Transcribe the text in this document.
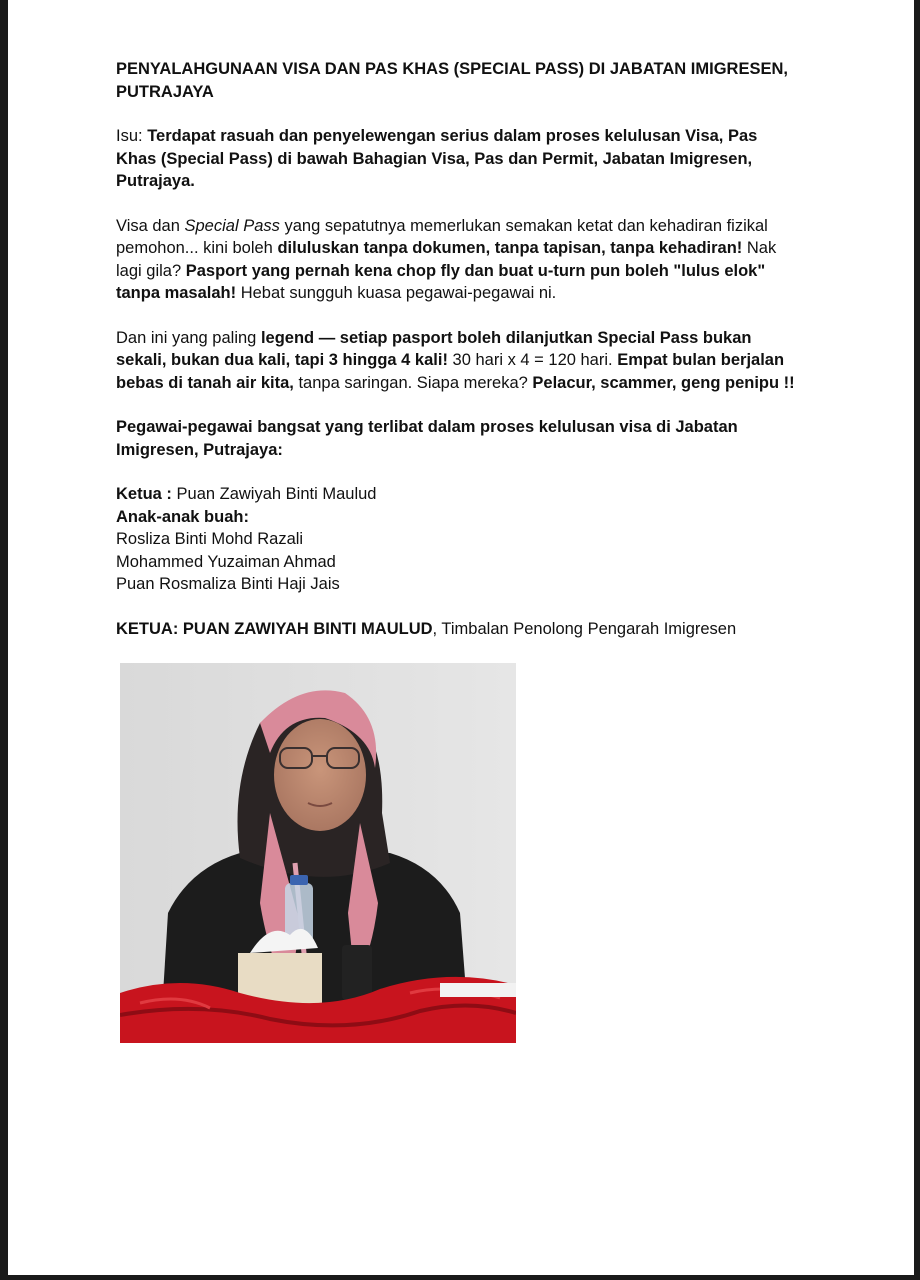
PENYALAHGUNAAN VISA DAN PAS KHAS (SPECIAL PASS) DI JABATAN IMIGRESEN, PUTRAJAYA

Isu: Terdapat rasuah dan penyelewengan serius dalam proses kelulusan Visa, Pas Khas (Special Pass) di bawah Bahagian Visa, Pas dan Permit, Jabatan Imigresen, Putrajaya.

Visa dan Special Pass yang sepatutnya memerlukan semakan ketat dan kehadiran fizikal pemohon... kini boleh diluluskan tanpa dokumen, tanpa tapisan, tanpa kehadiran! Nak lagi gila? Pasport yang pernah kena chop fly dan buat u-turn pun boleh "lulus elok" tanpa masalah! Hebat sungguh kuasa pegawai-pegawai ni.

Dan ini yang paling legend — setiap pasport boleh dilanjutkan Special Pass bukan sekali, bukan dua kali, tapi 3 hingga 4 kali! 30 hari x 4 = 120 hari. Empat bulan berjalan bebas di tanah air kita, tanpa saringan. Siapa mereka? Pelacur, scammer, geng penipu !!

Pegawai-pegawai bangsat yang terlibat dalam proses kelulusan visa di Jabatan Imigresen, Putrajaya:

Ketua : Puan Zawiyah Binti Maulud
Anak-anak buah:
Rosliza Binti Mohd Razali
Mohammed Yuzaiman Ahmad
Puan Rosmaliza Binti Haji Jais
KETUA: PUAN ZAWIYAH BINTI MAULUD, Timbalan Penolong Pengarah Imigresen
